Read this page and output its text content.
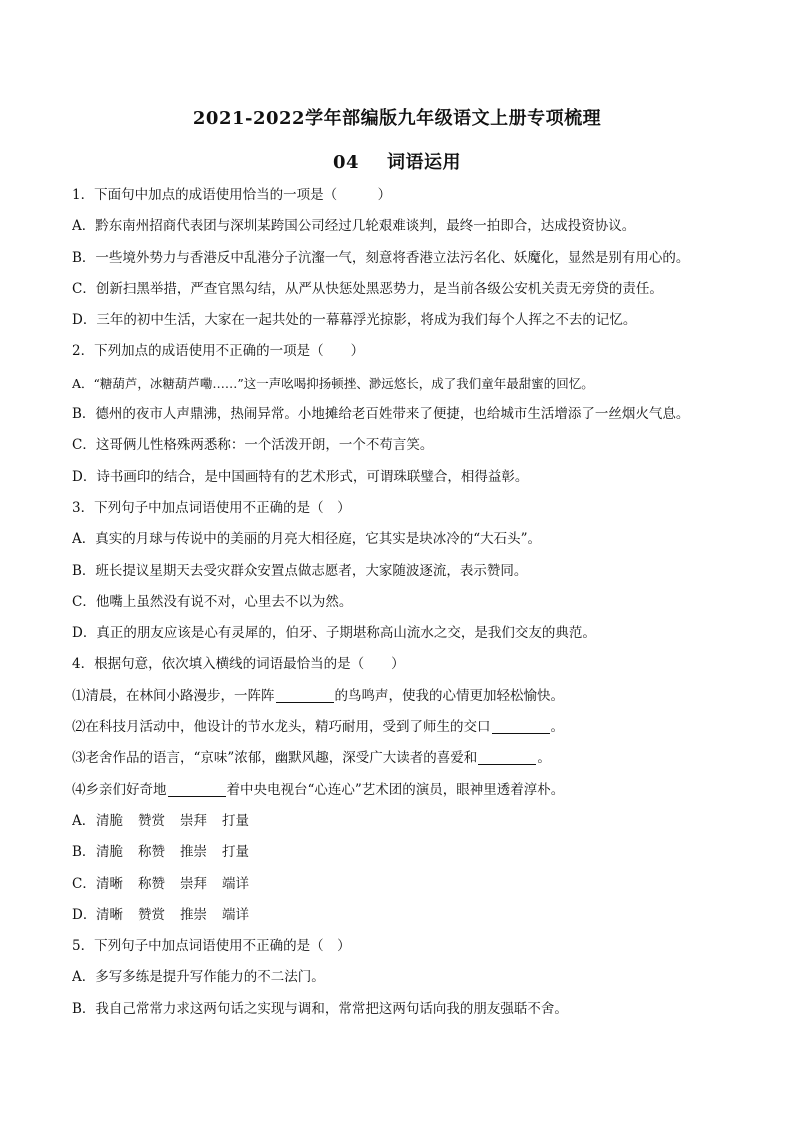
2021-2022学年部编版九年级语文上册专项梳理
04 词语运用
1．下面句中加点的成语使用恰当的一项是（　　　）
A．黔东南州招商代表团与深圳某跨国公司经过几轮艰难谈判，最终一拍即合，达成投资协议。
B．一些境外势力与香港反中乱港分子沆瀣一气，刻意将香港立法污名化、妖魔化，显然是别有用心的。
C．创新扫黑举措，严查官黑勾结，从严从快惩处黑恶势力，是当前各级公安机关责无旁贷的责任。
D．三年的初中生活，大家在一起共处的一幕幕浮光掠影，将成为我们每个人挥之不去的记忆。
2．下列加点的成语使用不正确的一项是（　　）
A．“糖葫芦，冰糖葫芦嘞……”这一声吆喝抑扬顿挫、渺远悠长，成了我们童年最甜蜜的回忆。
B．德州的夜市人声鼎沸，热闹异常。小地摊给老百姓带来了便捷，也给城市生活增添了一丝烟火气息。
C．这哥俩儿性格殊两悉称：一个活泼开朗，一个不苟言笑。
D．诗书画印的结合，是中国画特有的艺术形式，可谓珠联璧合，相得益彰。
3．下列句子中加点词语使用不正确的是（　）
A．真实的月球与传说中的美丽的月亮大相径庭，它其实是块冰冷的“大石头”。
B．班长提议星期天去受灾群众安置点做志愿者，大家随波逐流，表示赞同。
C．他嘴上虽然没有说不对，心里去不以为然。
D．真正的朋友应该是心有灵犀的，伯牙、子期堪称高山流水之交，是我们交友的典范。
4．根据句意，依次填入横线的词语最恰当的是（　　）
⑴清晨，在林间小路漫步，一阵阵	的鸟鸣声，使我的心情更加轻松愉快。
⑵在科技月活动中，他设计的节水龙头，精巧耐用，受到了师生的交口	。
⑶老舍作品的语言，“京味”浓郁，幽默风趣，深受广大读者的喜爱和	。
⑷乡亲们好奇地	着中央电视台“心连心”艺术团的演员，眼神里透着淳朴。
A．清脆 赞赏 崇拜 打量
B．清脆 称赞 推崇 打量
C．清晰 称赞 崇拜 端详
D．清晰 赞赏 推崇 端详
5．下列句子中加点词语使用不正确的是（　）
A．多写多练是提升写作能力的不二法门。
B．我自己常常力求这两句话之实现与调和，常常把这两句话向我的朋友强聒不舍。
